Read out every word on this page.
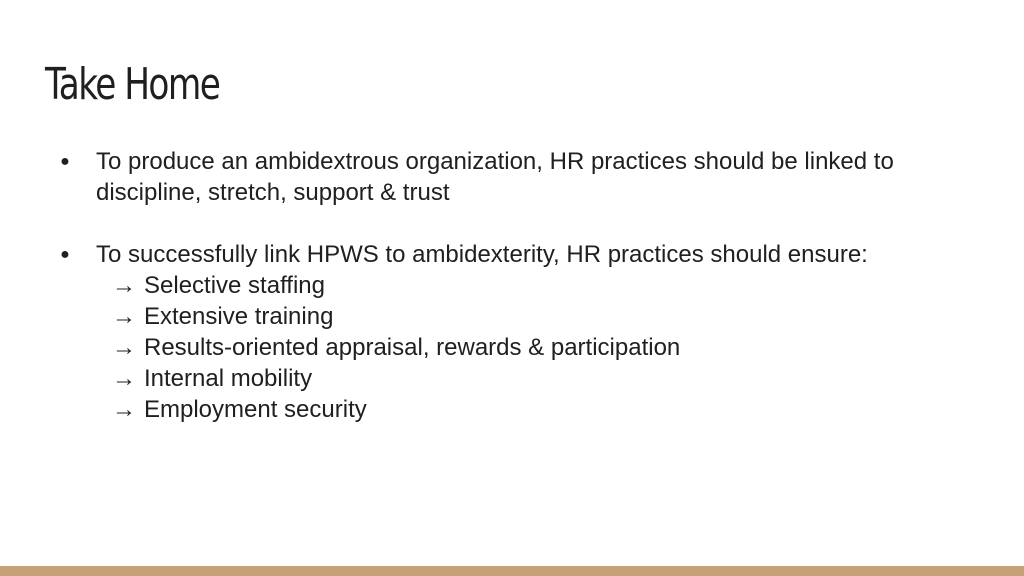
Take Home
● To produce an ambidextrous organization, HR practices should be linked to discipline, stretch, support & trust
● To successfully link HPWS to ambidexterity, HR practices should ensure:
→ Selective staffing
→ Extensive training
→ Results-oriented appraisal, rewards & participation
→ Internal mobility
→ Employment security
